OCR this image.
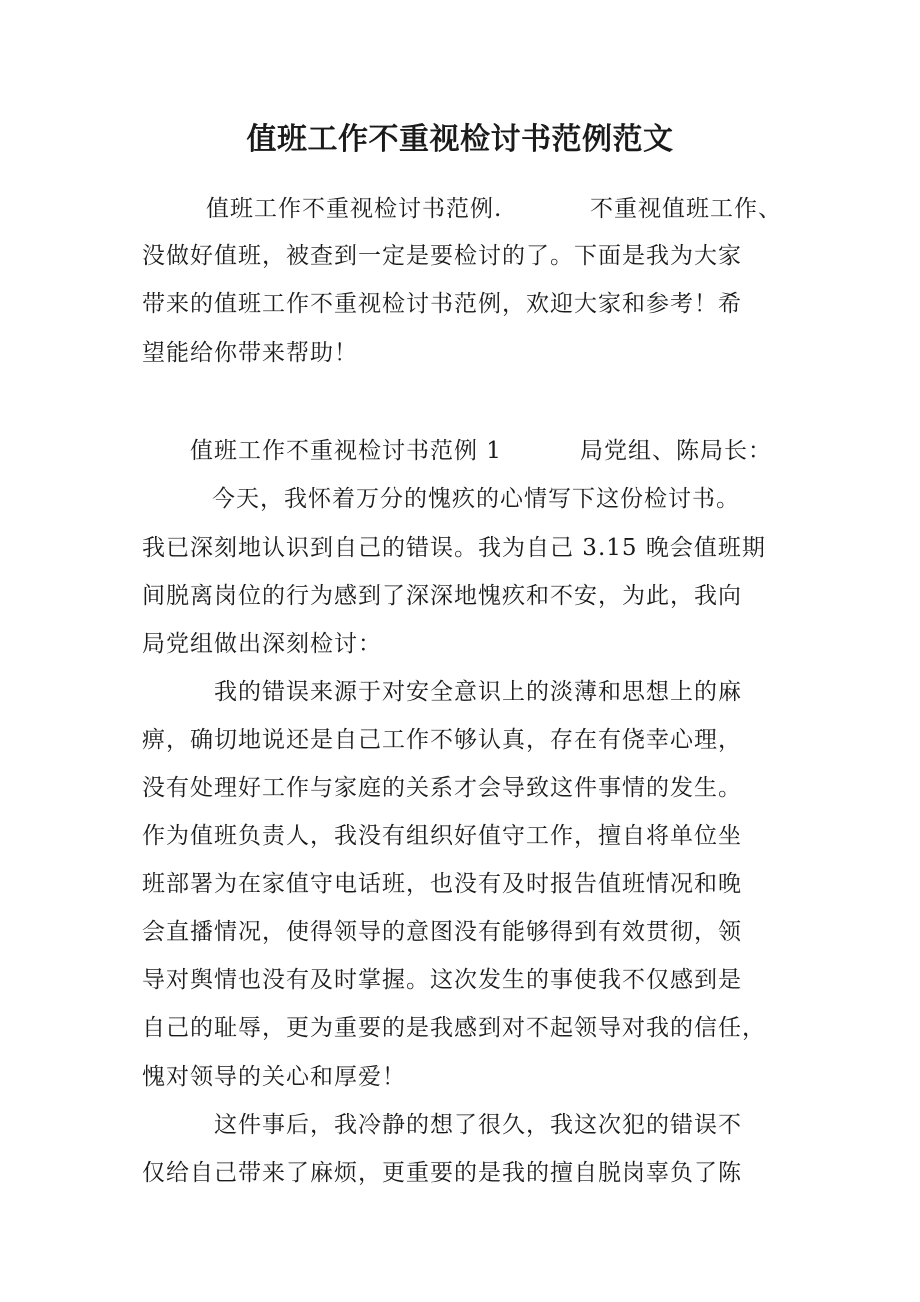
值班工作不重视检讨书范例范文
值班工作不重视检讨书范例.	不重视值班工作、
没做好值班，被查到一定是要检讨的了。下面是我为大家
带来的值班工作不重视检讨书范例，欢迎大家和参考！希
望能给你带来帮助！
值班工作不重视检讨书范例 1	局党组、陈局长：
今天，我怀着万分的愧疚的心情写下这份检讨书。
我已深刻地认识到自己的错误。我为自己 3.15 晚会值班期
间脱离岗位的行为感到了深深地愧疚和不安，为此，我向
局党组做出深刻检讨：
我的错误来源于对安全意识上的淡薄和思想上的麻
痹，确切地说还是自己工作不够认真，存在有侥幸心理，
没有处理好工作与家庭的关系才会导致这件事情的发生。
作为值班负责人，我没有组织好值守工作，擅自将单位坐
班部署为在家值守电话班，也没有及时报告值班情况和晚
会直播情况，使得领导的意图没有能够得到有效贯彻，领
导对舆情也没有及时掌握。这次发生的事使我不仅感到是
自己的耻辱，更为重要的是我感到对不起领导对我的信任，
愧对领导的关心和厚爱！
这件事后，我冷静的想了很久，我这次犯的错误不
仅给自己带来了麻烦，更重要的是我的擅自脱岗辜负了陈
